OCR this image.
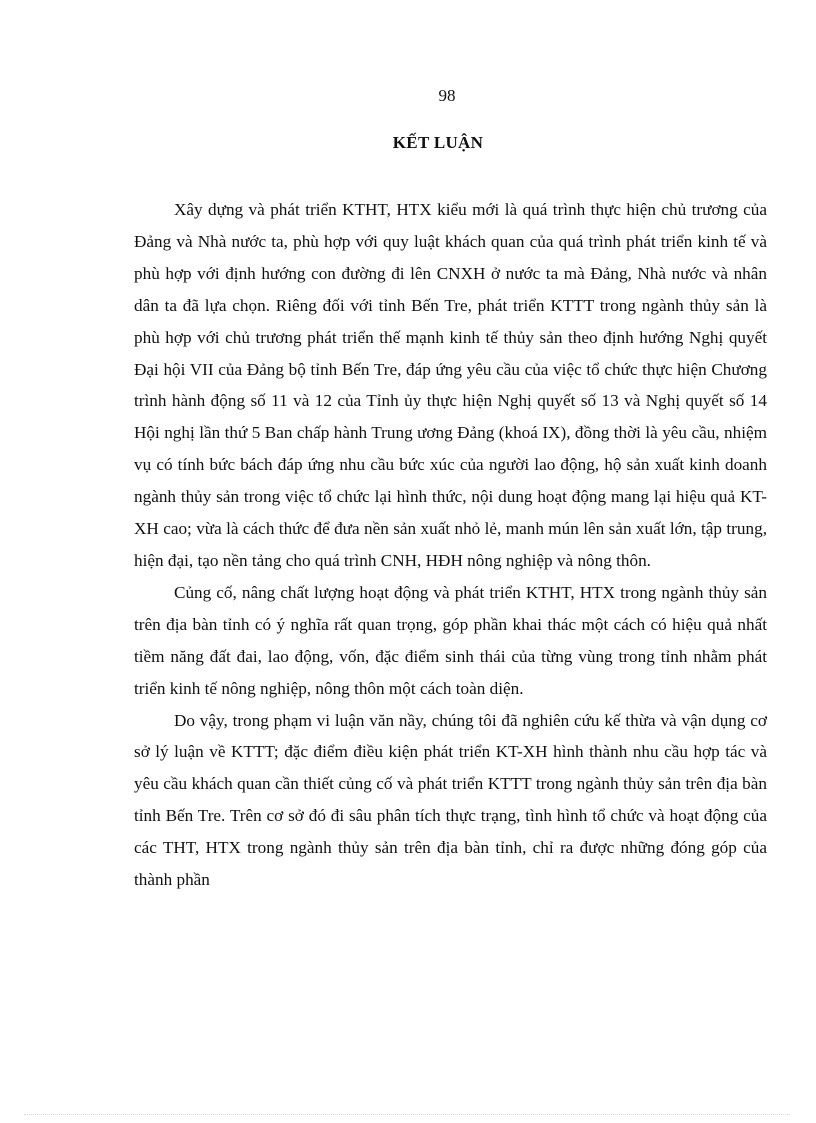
98
KẾT LUẬN

Xây dựng và phát triển KTHT, HTX kiểu mới là quá trình thực hiện chủ trương của Đảng và Nhà nước ta, phù hợp với quy luật khách quan của quá trình phát triển kinh tế và phù hợp với định hướng con đường đi lên CNXH ở nước ta mà Đảng, Nhà nước và nhân dân ta đã lựa chọn. Riêng đối với tỉnh Bến Tre, phát triển KTTT trong ngành thủy sản là phù hợp với chủ trương phát triển thế mạnh kinh tế thủy sản theo định hướng Nghị quyết Đại hội VII của Đảng bộ tỉnh Bến Tre, đáp ứng yêu cầu của việc tổ chức thực hiện Chương trình hành động số 11 và 12 của Tỉnh ủy thực hiện Nghị quyết số 13 và Nghị quyết số 14 Hội nghị lần thứ 5 Ban chấp hành Trung ương Đảng (khoá IX), đồng thời là yêu cầu, nhiệm vụ có tính bức bách đáp ứng nhu cầu bức xúc của người lao động, hộ sản xuất kinh doanh ngành thủy sản trong việc tổ chức lại hình thức, nội dung hoạt động mang lại hiệu quả KT-XH cao; vừa là cách thức để đưa nền sản xuất nhỏ lẻ, manh mún lên sản xuất lớn, tập trung, hiện đại, tạo nền tảng cho quá trình CNH, HĐH nông nghiệp và nông thôn.

Củng cố, nâng chất lượng hoạt động và phát triển KTHT, HTX trong ngành thủy sản trên địa bàn tỉnh có ý nghĩa rất quan trọng, góp phần khai thác một cách có hiệu quả nhất tiềm năng đất đai, lao động, vốn, đặc điểm sinh thái của từng vùng trong tỉnh nhằm phát triển kinh tế nông nghiệp, nông thôn một cách toàn diện.

Do vậy, trong phạm vi luận văn nầy, chúng tôi đã nghiên cứu kế thừa và vận dụng cơ sở lý luận về KTTT; đặc điểm điều kiện phát triển KT-XH hình thành nhu cầu hợp tác và yêu cầu khách quan cần thiết củng cố và phát triển KTTT trong ngành thủy sản trên địa bàn tỉnh Bến Tre. Trên cơ sở đó đi sâu phân tích thực trạng, tình hình tổ chức và hoạt động của các THT, HTX trong ngành thủy sản trên địa bàn tỉnh, chỉ ra được những đóng góp của thành phần
